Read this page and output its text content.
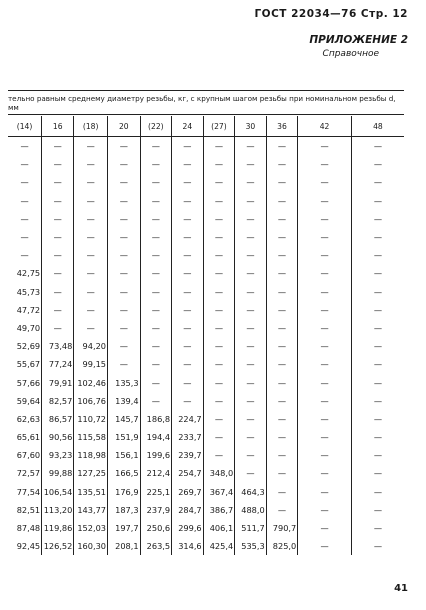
ГОСТ 22034—76 Стр. 12
ПРИЛОЖЕНИЕ 2
Справочное
тельно равным среднему диаметру резьбы, кг, с крупным шагом резьбы при номинальном резьбы d, мм
(14)	16	(18)	20	(22)	24	(27)	30	36	42	48
—	—	—	—	—	—	—	—	—	—	—
—	—	—	—	—	—	—	—	—	—	—
—	—	—	—	—	—	—	—	—	—	—
—	—	—	—	—	—	—	—	—	—	—
—	—	—	—	—	—	—	—	—	—	—
—	—	—	—	—	—	—	—	—	—	—
—	—	—	—	—	—	—	—	—	—	—
42,75	—	—	—	—	—	—	—	—	—	—
45,73	—	—	—	—	—	—	—	—	—	—
47,72	—	—	—	—	—	—	—	—	—	—
49,70	—	—	—	—	—	—	—	—	—	—
52,69	73,48	94,20	—	—	—	—	—	—	—	—
55,67	77,24	99,15	—	—	—	—	—	—	—	—
57,66	79,91	102,46	135,3	—	—	—	—	—	—	—
59,64	82,57	106,76	139,4	—	—	—	—	—	—	—
62,63	86,57	110,72	145,7	186,8	224,7	—	—	—	—	—
65,61	90,56	115,58	151,9	194,4	233,7	—	—	—	—	—
67,60	93,23	118,98	156,1	199,6	239,7	—	—	—	—	—
72,57	99,88	127,25	166,5	212,4	254,7	348,0	—	—	—	—
77,54	106,54	135,51	176,9	225,1	269,7	367,4	464,3	—	—	—
82,51	113,20	143,77	187,3	237,9	284,7	386,7	488,0	—	—	—
87,48	119,86	152,03	197,7	250,6	299,6	406,1	511,7	790,7	—	—
92,45	126,52	160,30	208,1	263,5	314,6	425,4	535,3	825,0	—	—
41
